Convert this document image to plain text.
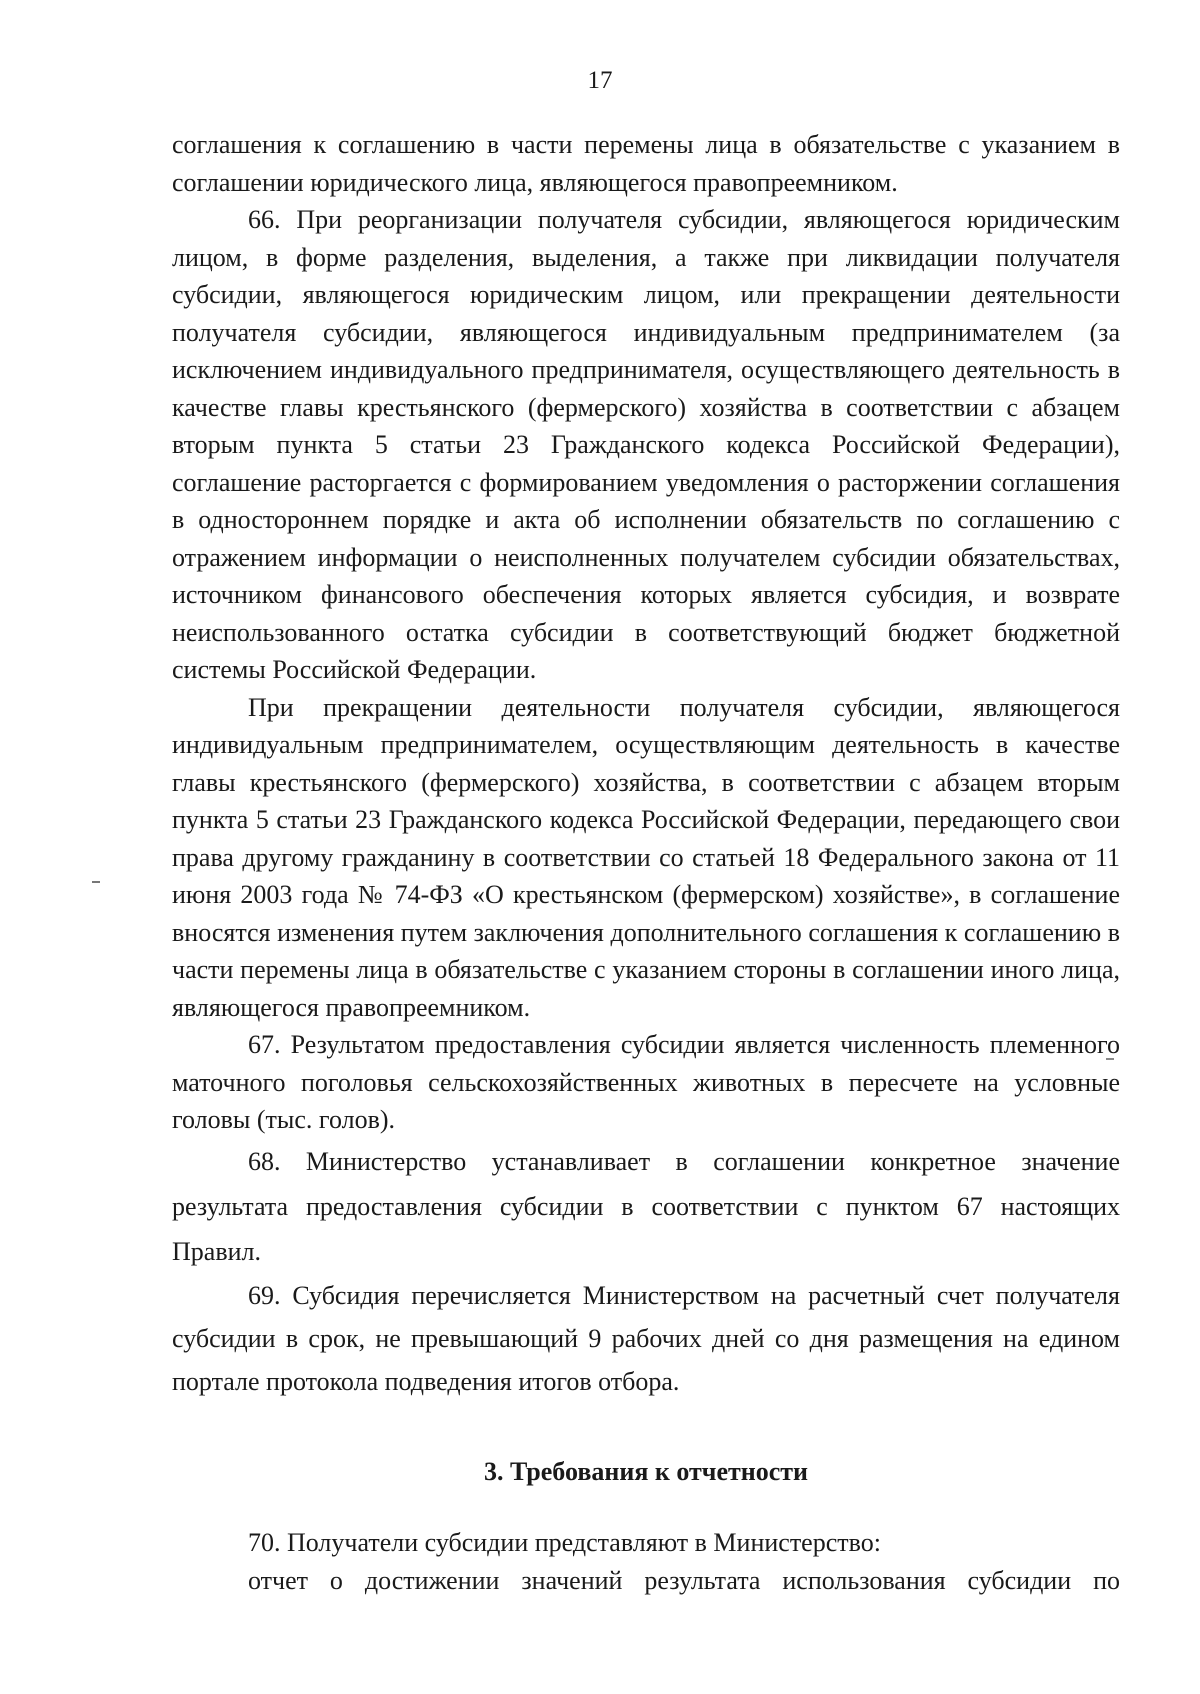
17

соглашения к соглашению в части перемены лица в обязательстве с указанием в соглашении юридического лица, являющегося правопреемником.

66. При реорганизации получателя субсидии, являющегося юридическим лицом, в форме разделения, выделения, а также при ликвидации получателя субсидии, являющегося юридическим лицом, или прекращении деятельности получателя субсидии, являющегося индивидуальным предпринимателем (за исключением индивидуального предпринимателя, осуществляющего деятельность в качестве главы крестьянского (фермерского) хозяйства в соответствии с абзацем вторым пункта 5 статьи 23 Гражданского кодекса Российской Федерации), соглашение расторгается с формированием уведомления о расторжении соглашения в одностороннем порядке и акта об исполнении обязательств по соглашению с отражением информации о неисполненных получателем субсидии обязательствах, источником финансового обеспечения которых является субсидия, и возврате неиспользованного остатка субсидии в соответствующий бюджет бюджетной системы Российской Федерации.

При прекращении деятельности получателя субсидии, являющегося индивидуальным предпринимателем, осуществляющим деятельность в качестве главы крестьянского (фермерского) хозяйства, в соответствии с абзацем вторым пункта 5 статьи 23 Гражданского кодекса Российской Федерации, передающего свои права другому гражданину в соответствии со статьей 18 Федерального закона от 11 июня 2003 года № 74-ФЗ «О крестьянском (фермерском) хозяйстве», в соглашение вносятся изменения путем заключения дополнительного соглашения к соглашению в части перемены лица в обязательстве с указанием стороны в соглашении иного лица, являющегося правопреемником.

67. Результатом предоставления субсидии является численность племенного маточного поголовья сельскохозяйственных животных в пересчете на условные головы (тыс. голов).

68. Министерство устанавливает в соглашении конкретное значение результата предоставления субсидии в соответствии с пунктом 67 настоящих Правил.

69. Субсидия перечисляется Министерством на расчетный счет получателя субсидии в срок, не превышающий 9 рабочих дней со дня размещения на едином портале протокола подведения итогов отбора.

3. Требования к отчетности

70. Получатели субсидии представляют в Министерство:

отчет о достижении значений результата использования субсидии по
